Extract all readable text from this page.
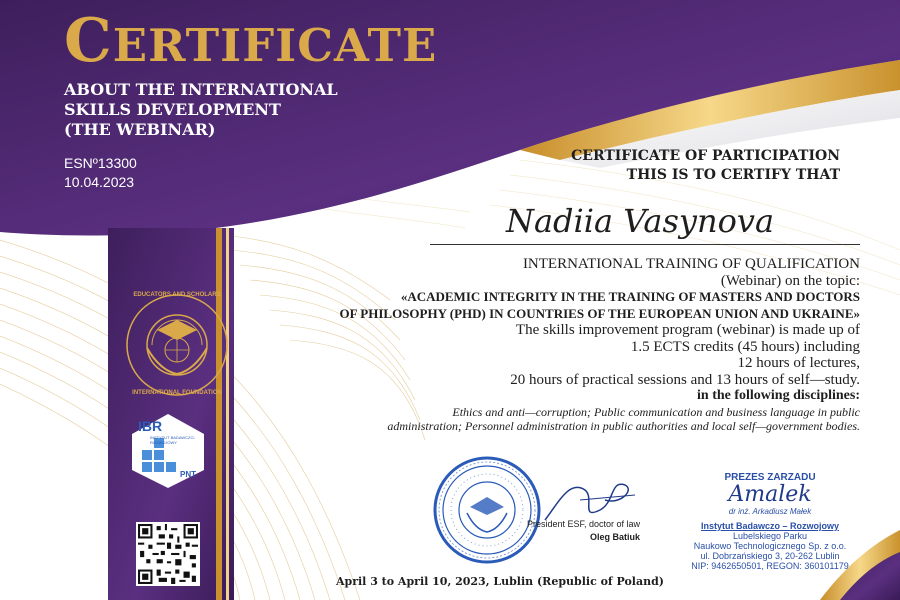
CERTIFICATE
ABOUT THE INTERNATIONAL
SKILLS DEVELOPMENT
(THE WEBINAR)
ESNº13300
10.04.2023
CERTIFICATE OF PARTICIPATION
THIS IS TO CERTIFY THAT
Nadiia Vasynova
INTERNATIONAL TRAINING OF QUALIFICATION
(Webinar) on the topic:
«ACADEMIC INTEGRITY IN THE TRAINING OF MASTERS AND DOCTORS
OF PHILOSOPHY (PHD) IN COUNTRIES OF THE EUROPEAN UNION AND UKRAINE»
The skills improvement program (webinar) is made up of
1.5 ECTS credits (45 hours) including
12 hours of lectures,
20 hours of practical sessions and 13 hours of self—study.
in the following disciplines:
Ethics and anti—corruption; Public communication and business language in public
administration; Personnel administration in public authorities and local self—government bodies.
EDUCATORS AND SCHOLARS
INTERNATIONAL FOUNDATION
IBR
INSTYTUT BADAWCZO-ROZWOJOWY
PNT
President ESF, doctor of law
Oleg Batiuk
PREZES ZARZADU
Amalek
dr inż. Arkadiusz Małek
Instytut Badawczo – Rozwojowy
Lubelskiego Parku
Naukowo Technologicznego Sp. z o.o.
ul. Dobrzańskiego 3, 20-262 Lublin
NIP: 9462650501, REGON: 360101179
April 3 to April 10, 2023, Lublin (Republic of Poland)
